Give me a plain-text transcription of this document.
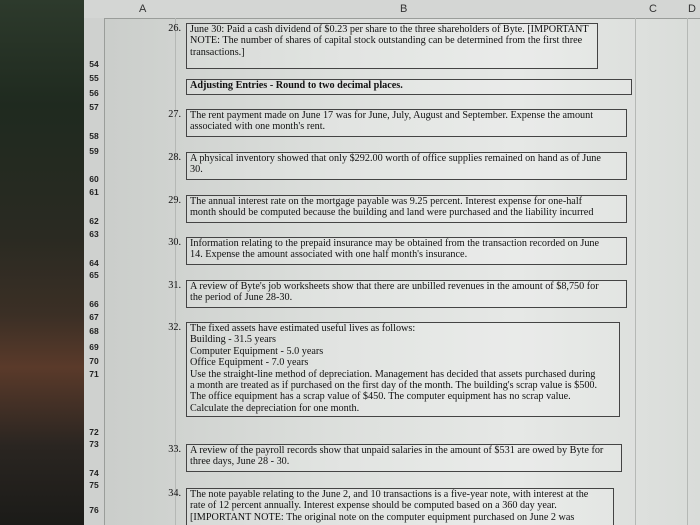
A	B	C	D
54
55
56
57
58
59
60
61
62
63
64
65
66
67
68
69
70
71
72
73
74
75
76
26. June 30: Paid a cash dividend of $0.23 per share to the three shareholders of Byte. [IMPORTANT
NOTE: The number of shares of capital stock outstanding can be determined from the first three
transactions.]
Adjusting Entries - Round to two decimal places.
27. The rent payment made on June 17 was for June, July, August and September. Expense the amount
associated with one month's rent.
28. A physical inventory showed that only $292.00 worth of office supplies remained on hand as of June
30.
29. The annual interest rate on the mortgage payable was 9.25 percent. Interest expense for one-half
month should be computed because the building and land were purchased and the liability incurred
30. Information relating to the prepaid insurance may be obtained from the transaction recorded on June
14. Expense the amount associated with one half month's insurance.
31. A review of Byte's job worksheets show that there are unbilled revenues in the amount of $8,750 for
the period of June 28-30.
32. The fixed assets have estimated useful lives as follows:
Building - 31.5 years
Computer Equipment - 5.0 years
Office Equipment - 7.0 years
Use the straight-line method of depreciation. Management has decided that assets purchased during
a month are treated as if purchased on the first day of the month. The building's scrap value is $500.
The office equipment has a scrap value of $450. The computer equipment has no scrap value.
Calculate the depreciation for one month.
33. A review of the payroll records show that unpaid salaries in the amount of $531 are owed by Byte for
three days, June 28 - 30.
34. The note payable relating to the June 2, and 10 transactions is a five-year note, with interest at the
rate of 12 percent annually. Interest expense should be computed based on a 360 day year.
[IMPORTANT NOTE: The original note on the computer equipment purchased on June 2 was
